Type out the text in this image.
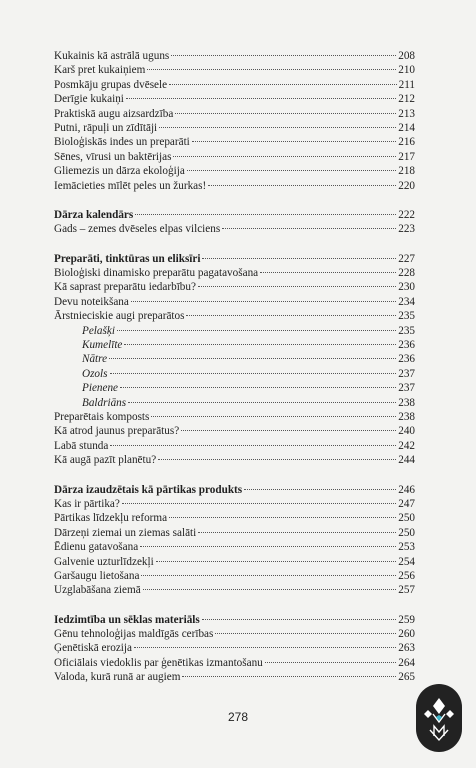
Kukainis kā astrālā uguns	208
Karš pret kukaiņiem	210
Posmkāju grupas dvēsele	211
Derīgie kukaiņi	212
Praktiskā augu aizsardzība	213
Putni, rāpuļi un zīdītāji	214
Bioloģiskās indes un preparāti	216
Sēnes, vīrusi un baktērijas	217
Gliemezis un dārza ekoloģija	218
Iemācieties mīlēt peles un žurkas!	220
Dārza kalendārs	222
Gads – zemes dvēseles elpas vilciens	223
Preparāti, tinktūras un eliksīri	227
Bioloģiski dinamisko preparātu pagatavošana	228
Kā saprast preparātu iedarbību?	230
Devu noteikšana	234
Ārstnieciskie augi preparātos	235
Pelašķi	235
Kumelīte	236
Nātre	236
Ozols	237
Pienene	237
Baldriāns	238
Preparētais komposts	238
Kā atrod jaunus preparātus?	240
Labā stunda	242
Kā augā pazīt planētu?	244
Dārza izaudzētais kā pārtikas produkts	246
Kas ir pārtika?	247
Pārtikas līdzekļu reforma	250
Dārzeņi ziemai un ziemas salāti	250
Ēdienu gatavošana	253
Galvenie uzturlīdzekļi	254
Garšaugu lietošana	256
Uzglabāšana ziemā	257
Iedzimtība un sēklas materiāls	259
Gēnu tehnoloģijas maldīgās cerības	260
Ģenētiskā erozija	263
Oficiālais viedoklis par ģenētikas izmantošanu	264
Valoda, kurā runā ar augiem	265
278
